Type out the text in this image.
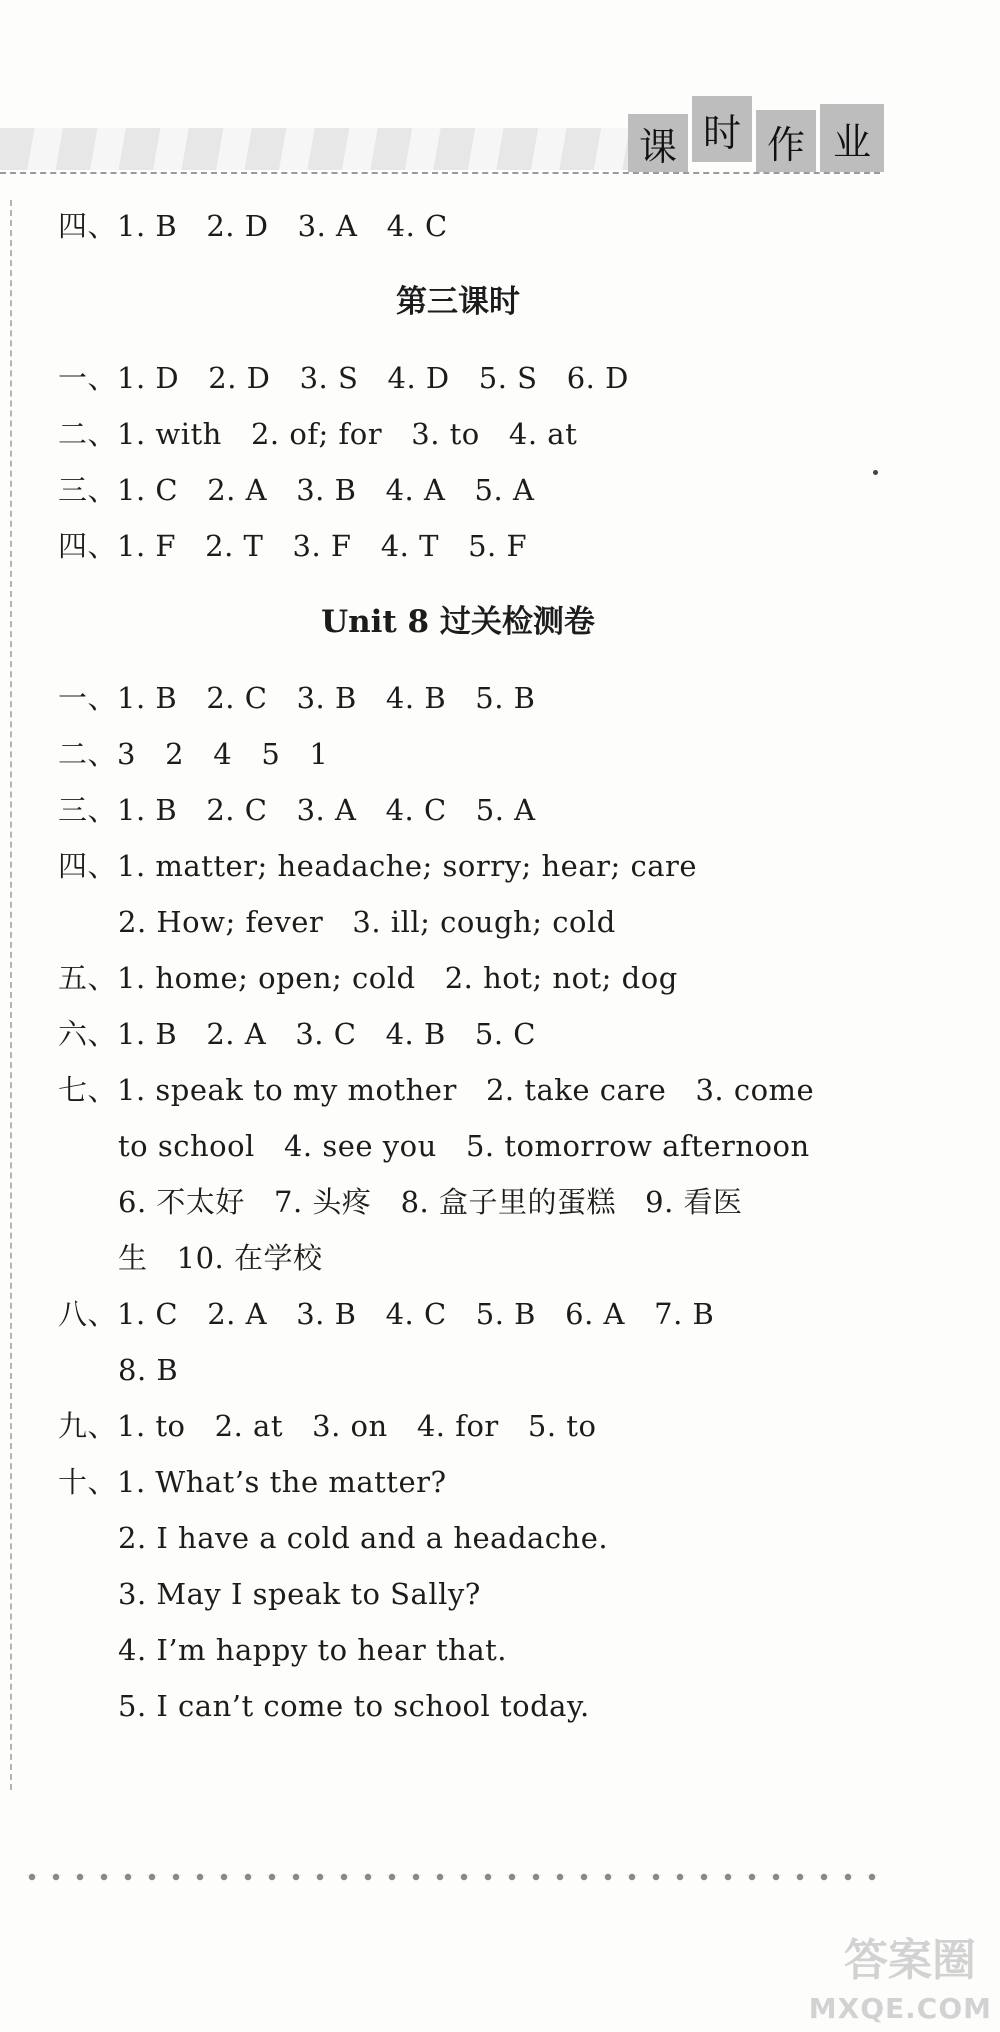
课 时 作 业
四、1. B   2. D   3. A   4. C
第三课时
一、1. D   2. D   3. S   4. D   5. S   6. D
二、1. with   2. of; for   3. to   4. at
三、1. C   2. A   3. B   4. A   5. A
四、1. F   2. T   3. F   4. T   5. F
Unit 8 过关检测卷
一、1. B   2. C   3. B   4. B   5. B
二、3   2   4   5   1
三、1. B   2. C   3. A   4. C   5. A
四、1. matter; headache; sorry; hear; care
2. How; fever   3. ill; cough; cold
五、1. home; open; cold   2. hot; not; dog
六、1. B   2. A   3. C   4. B   5. C
七、1. speak to my mother   2. take care   3. come
to school   4. see you   5. tomorrow afternoon
6. 不太好   7. 头疼   8. 盒子里的蛋糕   9. 看医
生   10. 在学校
八、1. C   2. A   3. B   4. C   5. B   6. A   7. B
8. B
九、1. to   2. at   3. on   4. for   5. to
十、1. What’s the matter?
2. I have a cold and a headache.
3. May I speak to Sally?
4. I’m happy to hear that.
5. I can’t come to school today.
答案圈
MXQE.COM
